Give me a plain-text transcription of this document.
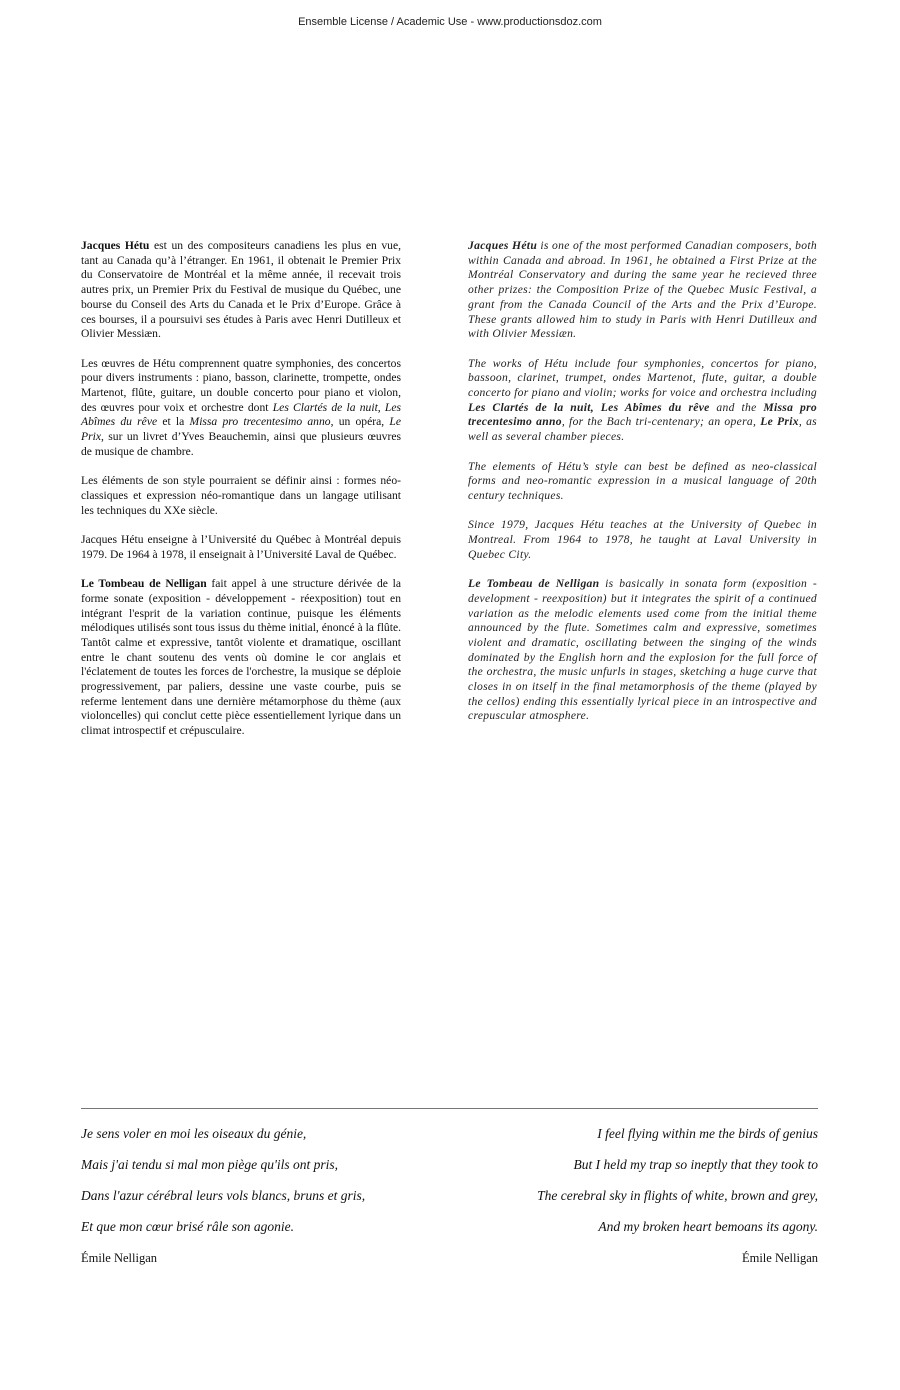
Ensemble License / Academic Use - www.productionsdoz.com

Jacques Hétu est un des compositeurs canadiens les plus en vue, tant au Canada qu’à l’étranger. En 1961, il obtenait le Premier Prix du Conservatoire de Montréal et la même année, il recevait trois autres prix, un Premier Prix du Festival de musique du Québec, une bourse du Conseil des Arts du Canada et le Prix d’Europe. Grâce à ces bourses, il a poursuivi ses études à Paris avec Henri Dutilleux et Olivier Messiæn.

Les œuvres de Hétu comprennent quatre symphonies, des concertos pour divers instruments : piano, basson, clarinette, trompette, ondes Martenot, flûte, guitare, un double concerto pour piano et violon, des œuvres pour voix et orchestre dont Les Clartés de la nuit, Les Abîmes du rêve et la Missa pro trecentesimo anno, un opéra, Le Prix, sur un livret d’Yves Beauchemin, ainsi que plusieurs œuvres de musique de chambre.

Les éléments de son style pourraient se définir ainsi : formes néo-classiques et expression néo-romantique dans un langage utilisant les techniques du XXe siècle.

Jacques Hétu enseigne à l’Université du Québec à Montréal depuis 1979. De 1964 à 1978, il enseignait à l’Université Laval de Québec.

Le Tombeau de Nelligan fait appel à une structure dérivée de la forme sonate (exposition - développement - réexposition) tout en intégrant l'esprit de la variation continue, puisque les éléments mélodiques utilisés sont tous issus du thème initial, énoncé à la flûte. Tantôt calme et expressive, tantôt violente et dramatique, oscillant entre le chant soutenu des vents où domine le cor anglais et l'éclatement de toutes les forces de l'orchestre, la musique se déploie progressivement, par paliers, dessine une vaste courbe, puis se referme lentement dans une dernière métamorphose du thème (aux violoncelles) qui conclut cette pièce essentiellement lyrique dans un climat introspectif et crépusculaire.

Jacques Hétu is one of the most performed Canadian composers, both within Canada and abroad. In 1961, he obtained a First Prize at the Montréal Conservatory and during the same year he recieved three other prizes: the Composition Prize of the Quebec Music Festival, a grant from the Canada Council of the Arts and the Prix d’Europe. These grants allowed him to study in Paris with Henri Dutilleux and with Olivier Messiæn.

The works of Hétu include four symphonies, concertos for piano, bassoon, clarinet, trumpet, ondes Martenot, flute, guitar, a double concerto for piano and violin; works for voice and orchestra including Les Clartés de la nuit, Les Abîmes du rêve and the Missa pro trecentesimo anno, for the Bach tri-centenary; an opera, Le Prix, as well as several chamber pieces.

The elements of Hétu’s style can best be defined as neo-classical forms and neo-romantic expression in a musical language of 20th century techniques.

Since 1979, Jacques Hétu teaches at the University of Quebec in Montreal. From 1964 to 1978, he taught at Laval University in Quebec City.

Le Tombeau de Nelligan is basically in sonata form (exposition - development - reexposition) but it integrates the spirit of a continued variation as the melodic elements used come from the initial theme announced by the flute. Sometimes calm and expressive, sometimes violent and dramatic, oscillating between the singing of the winds dominated by the English horn and the explosion for the full force of the orchestra, the music unfurls in stages, sketching a huge curve that closes in on itself in the final metamorphosis of the theme (played by the cellos) ending this essentially lyrical piece in an introspective and crepuscular atmosphere.

Je sens voler en moi les oiseaux du génie,
Mais j'ai tendu si mal mon piège qu'ils ont pris,
Dans l'azur cérébral leurs vols blancs, bruns et gris,
Et que mon cœur brisé râle son agonie.
I feel flying within me the birds of genius
But I held my trap so ineptly that they took to
The cerebral sky in flights of white, brown and grey,
And my broken heart bemoans its agony.
Émile Nelligan	Émile Nelligan
